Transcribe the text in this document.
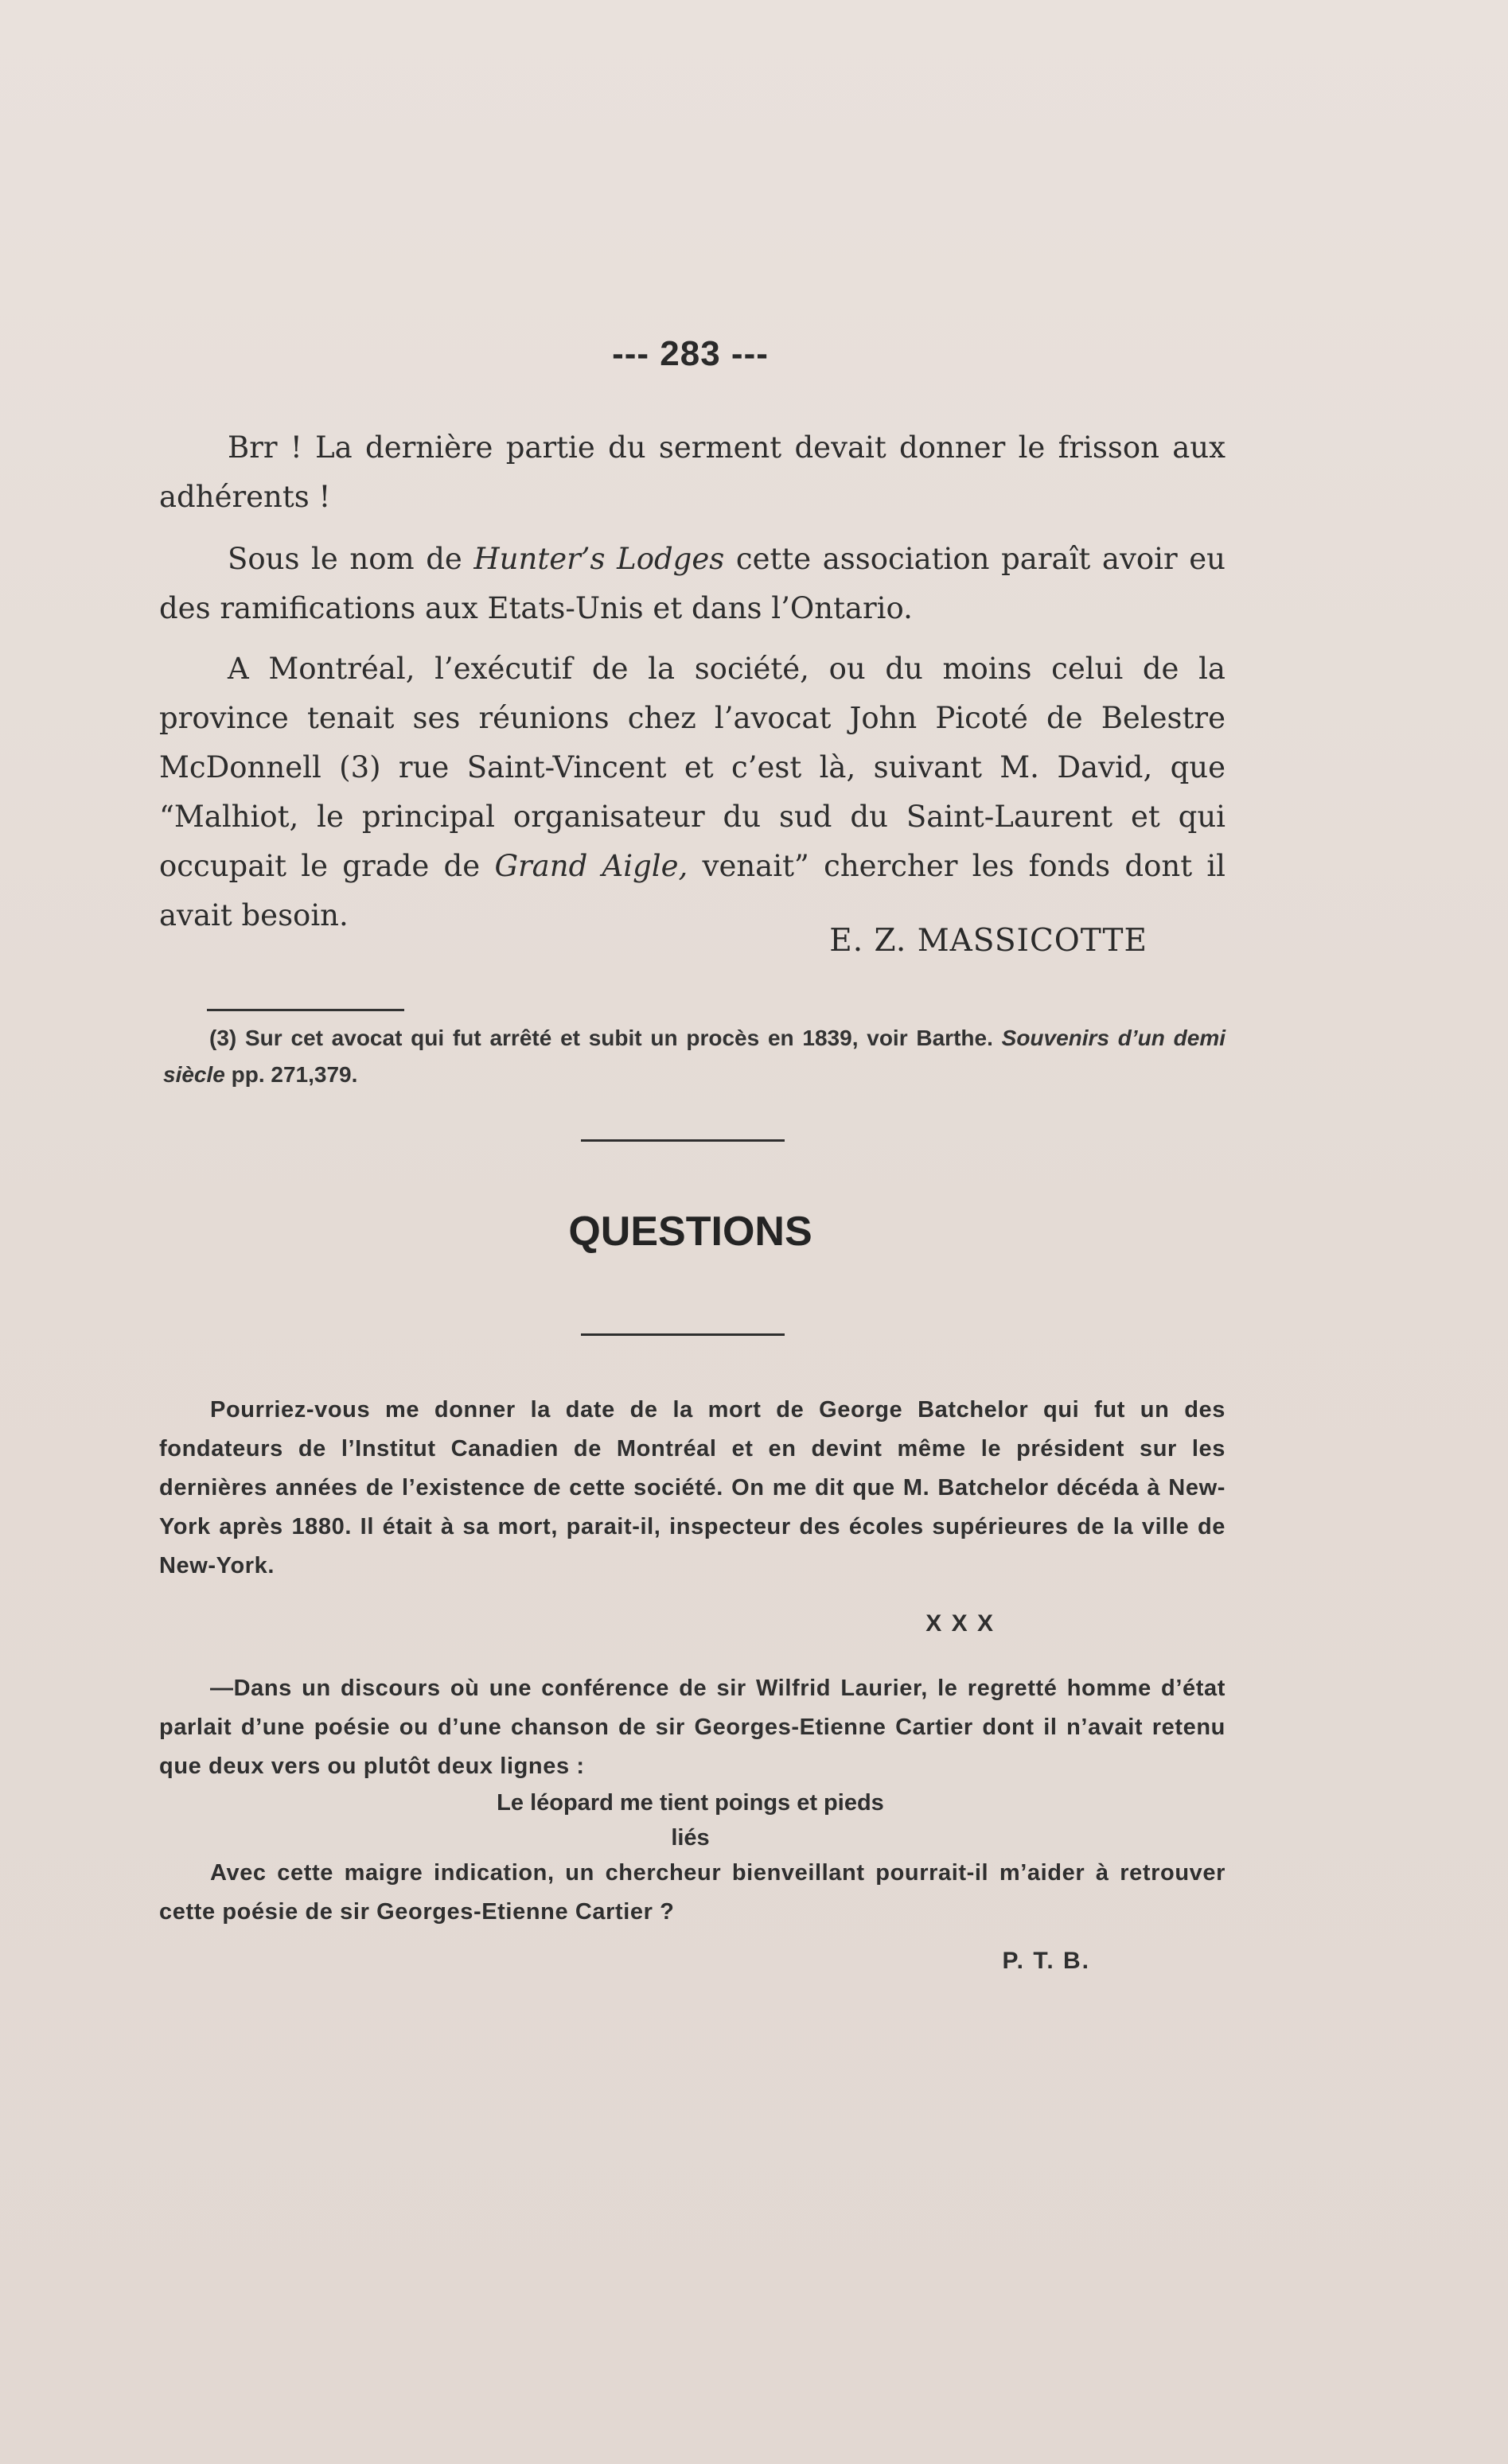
--- 283 ---

Brr ! La dernière partie du serment devait donner le frisson aux adhérents !

Sous le nom de Hunter’s Lodges cette association paraît avoir eu des ramifications aux Etats-Unis et dans l’Ontario.

A Montréal, l’exécutif de la société, ou du moins celui de la province tenait ses réunions chez l’avocat John Picoté de Belestre McDonnell (3) rue Saint-Vincent et c’est là, suivant M. David, que “Malhiot, le principal organisateur du sud du Saint-Laurent et qui occupait le grade de Grand Aigle, venait” chercher les fonds dont il avait besoin.

E. Z. MASSICOTTE

(3) Sur cet avocat qui fut arrêté et subit un procès en 1839, voir Barthe. Souvenirs d’un demi siècle pp. 271,379.

QUESTIONS

Pourriez-vous me donner la date de la mort de George Batchelor qui fut un des fondateurs de l’Institut Canadien de Montréal et en devint même le président sur les dernières années de l’existence de cette société. On me dit que M. Batchelor décéda à New-York après 1880. Il était à sa mort, parait-il, inspecteur des écoles supérieures de la ville de New-York.

X X X

—Dans un discours où une conférence de sir Wilfrid Laurier, le regretté homme d’état parlait d’une poésie ou d’une chanson de sir Georges-Etienne Cartier dont il n’avait retenu que deux vers ou plutôt deux lignes :

Le léopard me tient poings et pieds
liés

Avec cette maigre indication, un chercheur bienveillant pourrait-il m’aider à retrouver cette poésie de sir Georges-Etienne Cartier ?

P. T. B.
